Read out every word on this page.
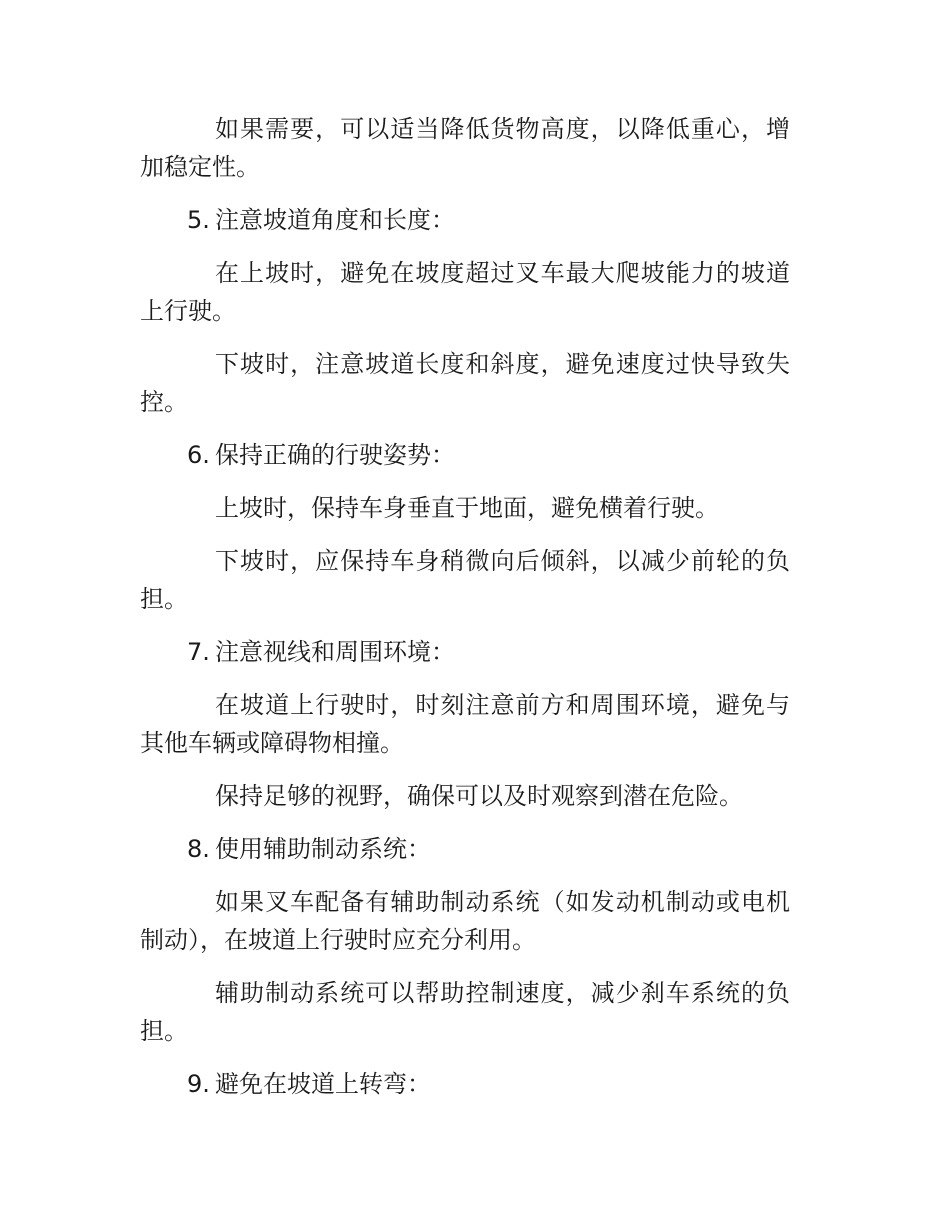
如果需要，可以适当降低货物高度，以降低重心，增加稳定性。

5. 注意坡道角度和长度：

在上坡时，避免在坡度超过叉车最大爬坡能力的坡道上行驶。

下坡时，注意坡道长度和斜度，避免速度过快导致失控。

6. 保持正确的行驶姿势：

上坡时，保持车身垂直于地面，避免横着行驶。

下坡时，应保持车身稍微向后倾斜，以减少前轮的负担。

7. 注意视线和周围环境：

在坡道上行驶时，时刻注意前方和周围环境，避免与其他车辆或障碍物相撞。

保持足够的视野，确保可以及时观察到潜在危险。

8. 使用辅助制动系统：

如果叉车配备有辅助制动系统（如发动机制动或电机制动），在坡道上行驶时应充分利用。

辅助制动系统可以帮助控制速度，减少刹车系统的负担。

9. 避免在坡道上转弯：
